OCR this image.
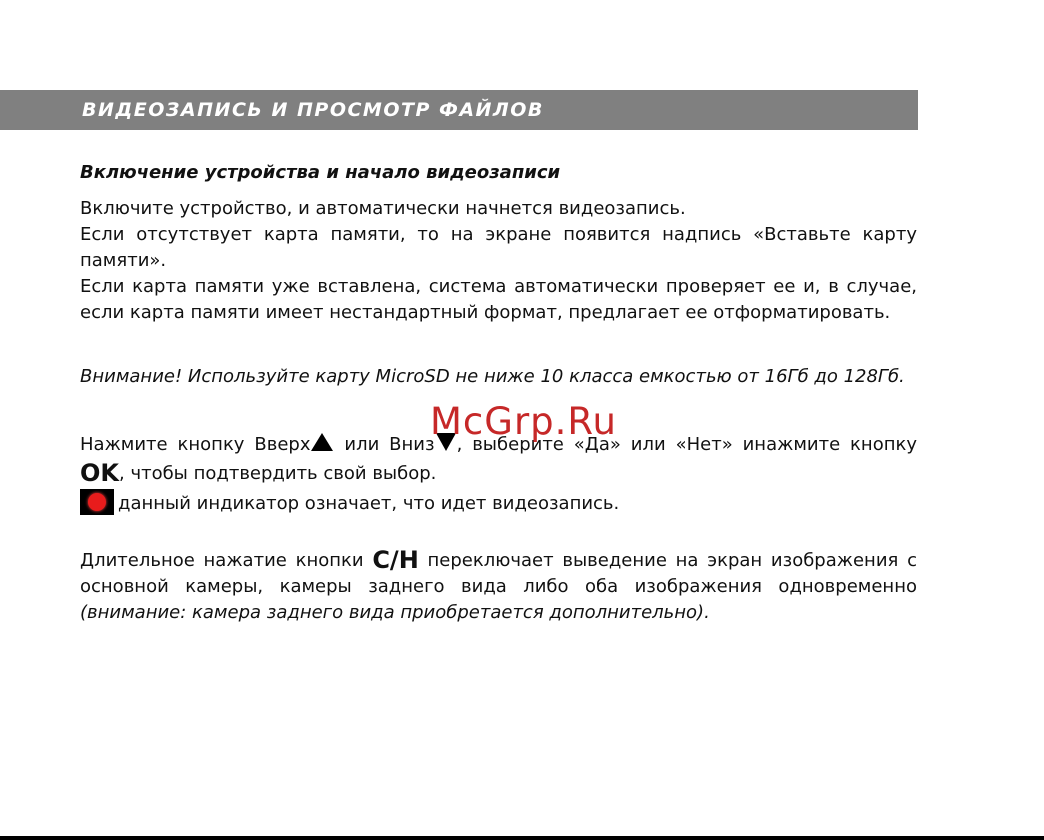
ВИДЕОЗАПИСЬ И ПРОСМОТР ФАЙЛОВ

Включение устройства и начало видеозаписи

Включите устройство, и автоматически начнется видеозапись.

Если отсутствует карта памяти, то на экране появится надпись «Вставьте карту памяти».

Если карта памяти уже вставлена, система автоматически проверяет ее и, в случае, если карта памяти имеет нестандартный формат, предлагает ее отформатировать.

Внимание! Используйте карту MicroSD не ниже 10 класса емкостью от 16Гб до 128Гб.

Нажмите кнопку Вверх или Вниз , выберите «Да» или «Нет» инажмите кнопку OK, чтобы подтвердить свой выбор.

данный индикатор означает, что идет видеозапись.

Длительное нажатие кнопки C/H переключает выведение на экран изображения с основной камеры, камеры заднего вида либо оба изображения одновременно (внимание: камера заднего вида приобретается дополнительно).

McGrp.Ru
